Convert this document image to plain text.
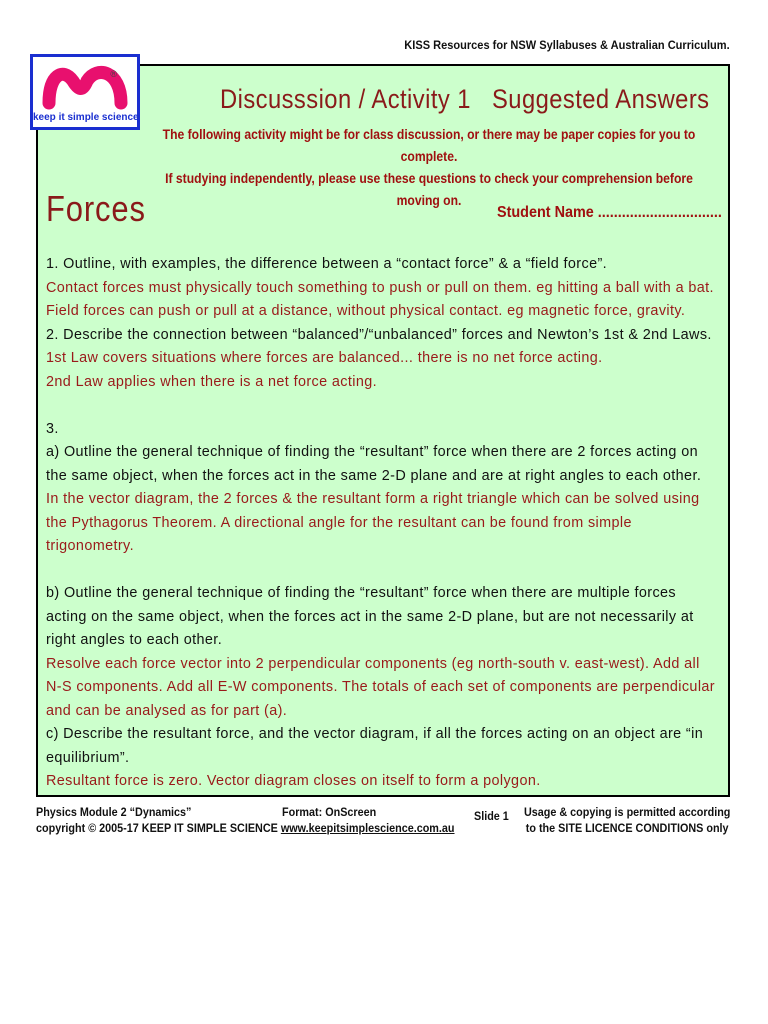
KISS Resources for NSW Syllabuses & Australian Curriculum.
®
keep it simple science
Discusssion / Activity 1   Suggested Answers
The following activity might be for class discussion, or there may be paper copies for you to complete.
If studying independently, please use these questions to check your comprehension before moving on.
Forces	Student Name ...............................

1. Outline, with examples, the difference between a “contact force” & a “field force”.

Contact forces must physically touch something to push or pull on them. eg hitting a ball with a bat.

Field forces can push or pull at a distance, without physical contact. eg magnetic force, gravity.

2. Describe the connection between “balanced”/“unbalanced” forces and Newton’s 1st & 2nd Laws.

1st Law covers situations where forces are balanced... there is no net force acting.

2nd Law applies when there is a net force acting.

3.

a) Outline the general technique of finding the “resultant” force when there are 2 forces acting on the same object, when the forces act in the same 2-D plane and are at right angles to each other.

In the vector diagram, the 2 forces & the resultant form a right triangle which can be solved using the Pythagorus Theorem. A directional angle for the resultant can be found from simple trigonometry.

b) Outline the general technique of finding the “resultant” force when there are multiple forces acting on the same object, when the forces act in the same 2-D plane, but are not necessarily at right angles to each other.

Resolve each force vector into 2 perpendicular components (eg north-south v. east-west). Add all N-S components. Add all E-W components. The totals of each set of components are perpendicular and can be analysed as for part (a).

c) Describe the resultant force, and the vector diagram, if all the forces acting on an object are “in equilibrium”.

Resultant force is zero. Vector diagram closes on itself to form a polygon.

Physics Module 2 “Dynamics”
copyright © 2005-17 KEEP IT SIMPLE SCIENCE www.keepitsimplescience.com.au
Format: OnScreen	Slide 1 Usage & copying is permitted according
to the SITE LICENCE CONDITIONS only
